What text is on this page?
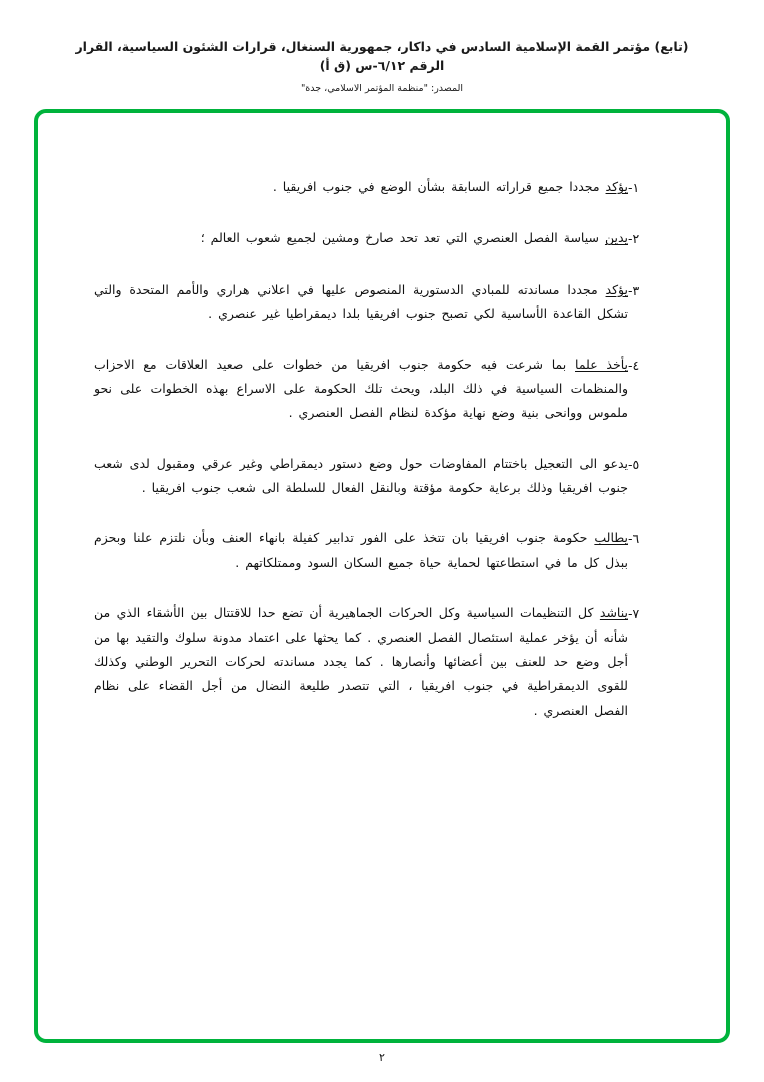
(تابع) مؤتمر القمة الإسلامية السادس في داكار، جمهورية السنغال، قرارات الشئون السياسية، القرار الرقم ٦/١٢-س (ق أ)
المصدر: "منظمة المؤتمر الاسلامي، جدة"
١-
يؤكد مجددا جميع قراراته السابقة بشأن الوضع في جنوب افريقيا .
٢-
يدين سياسة الفصل العنصري التي تعد تحد صارخ ومشين لجميع شعوب العالم ؛
٣-
يؤكد مجددا مساندته للمبادي الدستورية المنصوص عليها في اعلاني هراري والأمم المتحدة والتي تشكل القاعدة الأساسية لكي تصبح جنوب افريقيا بلدا ديمقراطيا غير عنصري .
٤-
يأخذ علما بما شرعت فيه حكومة جنوب افريقيا من خطوات على صعيد العلاقات مع الاحزاب والمنظمات السياسية في ذلك البلد، ويحث تلك الحكومة على الاسراع بهذه الخطوات على نحو ملموس ووانحى بنية وضع نهاية مؤكدة لنظام الفصل العنصري .
٥-
يدعو الى التعجيل باختتام المفاوضات حول وضع دستور ديمقراطي وغير عرقي ومقبول لدى شعب جنوب افريقيا وذلك برعاية حكومة مؤقتة وبالنقل الفعال للسلطة الى شعب جنوب افريقيا .
٦-
يطالب حكومة جنوب افريقيا بان تتخذ على الفور تدابير كفيلة بانهاء العنف وبأن نلتزم علنا وبحزم ببذل كل ما في استطاعتها لحماية حياة جميع السكان السود وممتلكاتهم .
٧-
يناشد كل التنظيمات السياسية وكل الحركات الجماهيرية أن تضع حدا للاقتتال بين الأشقاء الذي من شأنه أن يؤخر عملية استئصال الفصل العنصري . كما يحثها على اعتماد مدونة سلوك والتقيد بها من أجل وضع حد للعنف بين أعضائها وأنصارها . كما يجدد مساندته لحركات التحرير الوطني وكذلك للقوى الديمقراطية في جنوب افريقيا ، التي تتصدر طليعة النضال من أجل القضاء على نظام الفصل العنصري .
٢
